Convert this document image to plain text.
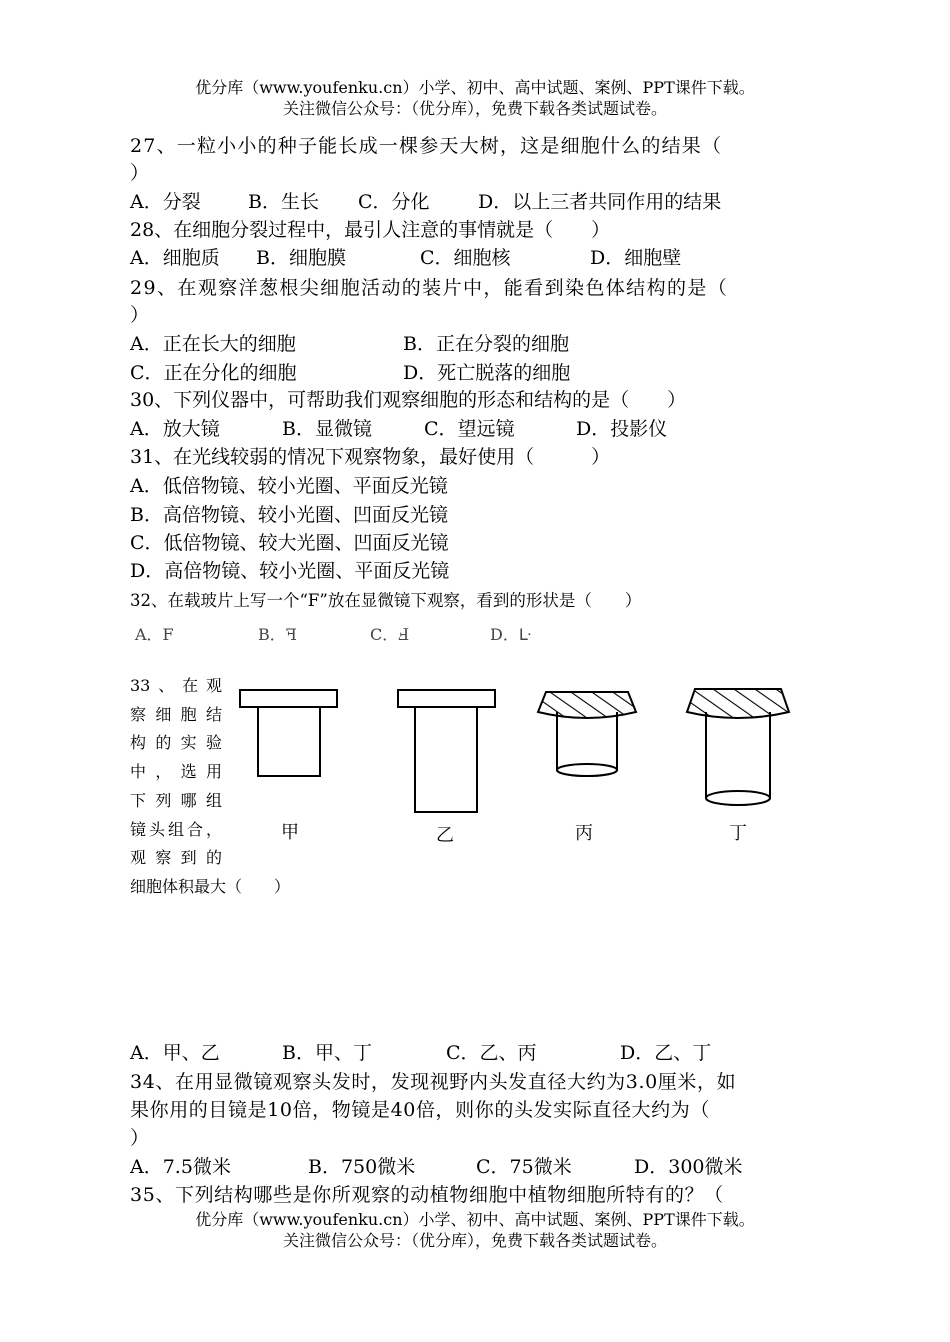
优分库（www.youfenku.cn）小学、初中、高中试题、案例、PPT课件下载。
关注微信公众号：（优分库），免费下载各类试题试卷。
27、一粒小小的种子能长成一棵参天大树，这是细胞什么的结果（
）
A．分裂 B．生长 C．分化	D．以上三者共同作用的结果
28、在细胞分裂过程中，最引人注意的事情就是（　　）
A．细胞质 B．细胞膜	C．细胞核	D．细胞壁
29、在观察洋葱根尖细胞活动的装片中，能看到染色体结构的是（
）
A．正在长大的细胞	B．正在分裂的细胞
C．正在分化的细胞	D．死亡脱落的细胞
30、下列仪器中，可帮助我们观察细胞的形态和结构的是（　　）
A．放大镜	B．显微镜	C．望远镜	D．投影仪
31、在光线较弱的情况下观察物象，最好使用（　　　）
A．低倍物镜、较小光圈、平面反光镜
B．高倍物镜、较小光圈、凹面反光镜
C．低倍物镜、较大光圈、凹面反光镜
D．高倍物镜、较小光圈、平面反光镜
32、在载玻片上写一个“F”放在显微镜下观察，看到的形状是（　　）
A．F	B．ꟻ	C．Ⅎ	D．ᒷ
33、在观
察细胞结
构的实验
中，选用
下列哪组
镜头组合，
观察到的
细胞体积最大（　　）
甲	乙	丙	丁
A．甲、乙	B．甲、丁	C．乙、丙	D．乙、丁
34、在用显微镜观察头发时，发现视野内头发直径大约为3.0厘米，如
果你用的目镜是10倍，物镜是40倍，则你的头发实际直径大约为（
）
A．7.5微米	B．750微米	C．75微米	D．300微米
35、下列结构哪些是你所观察的动植物细胞中植物细胞所特有的？（
优分库（www.youfenku.cn）小学、初中、高中试题、案例、PPT课件下载。
关注微信公众号：（优分库），免费下载各类试题试卷。
